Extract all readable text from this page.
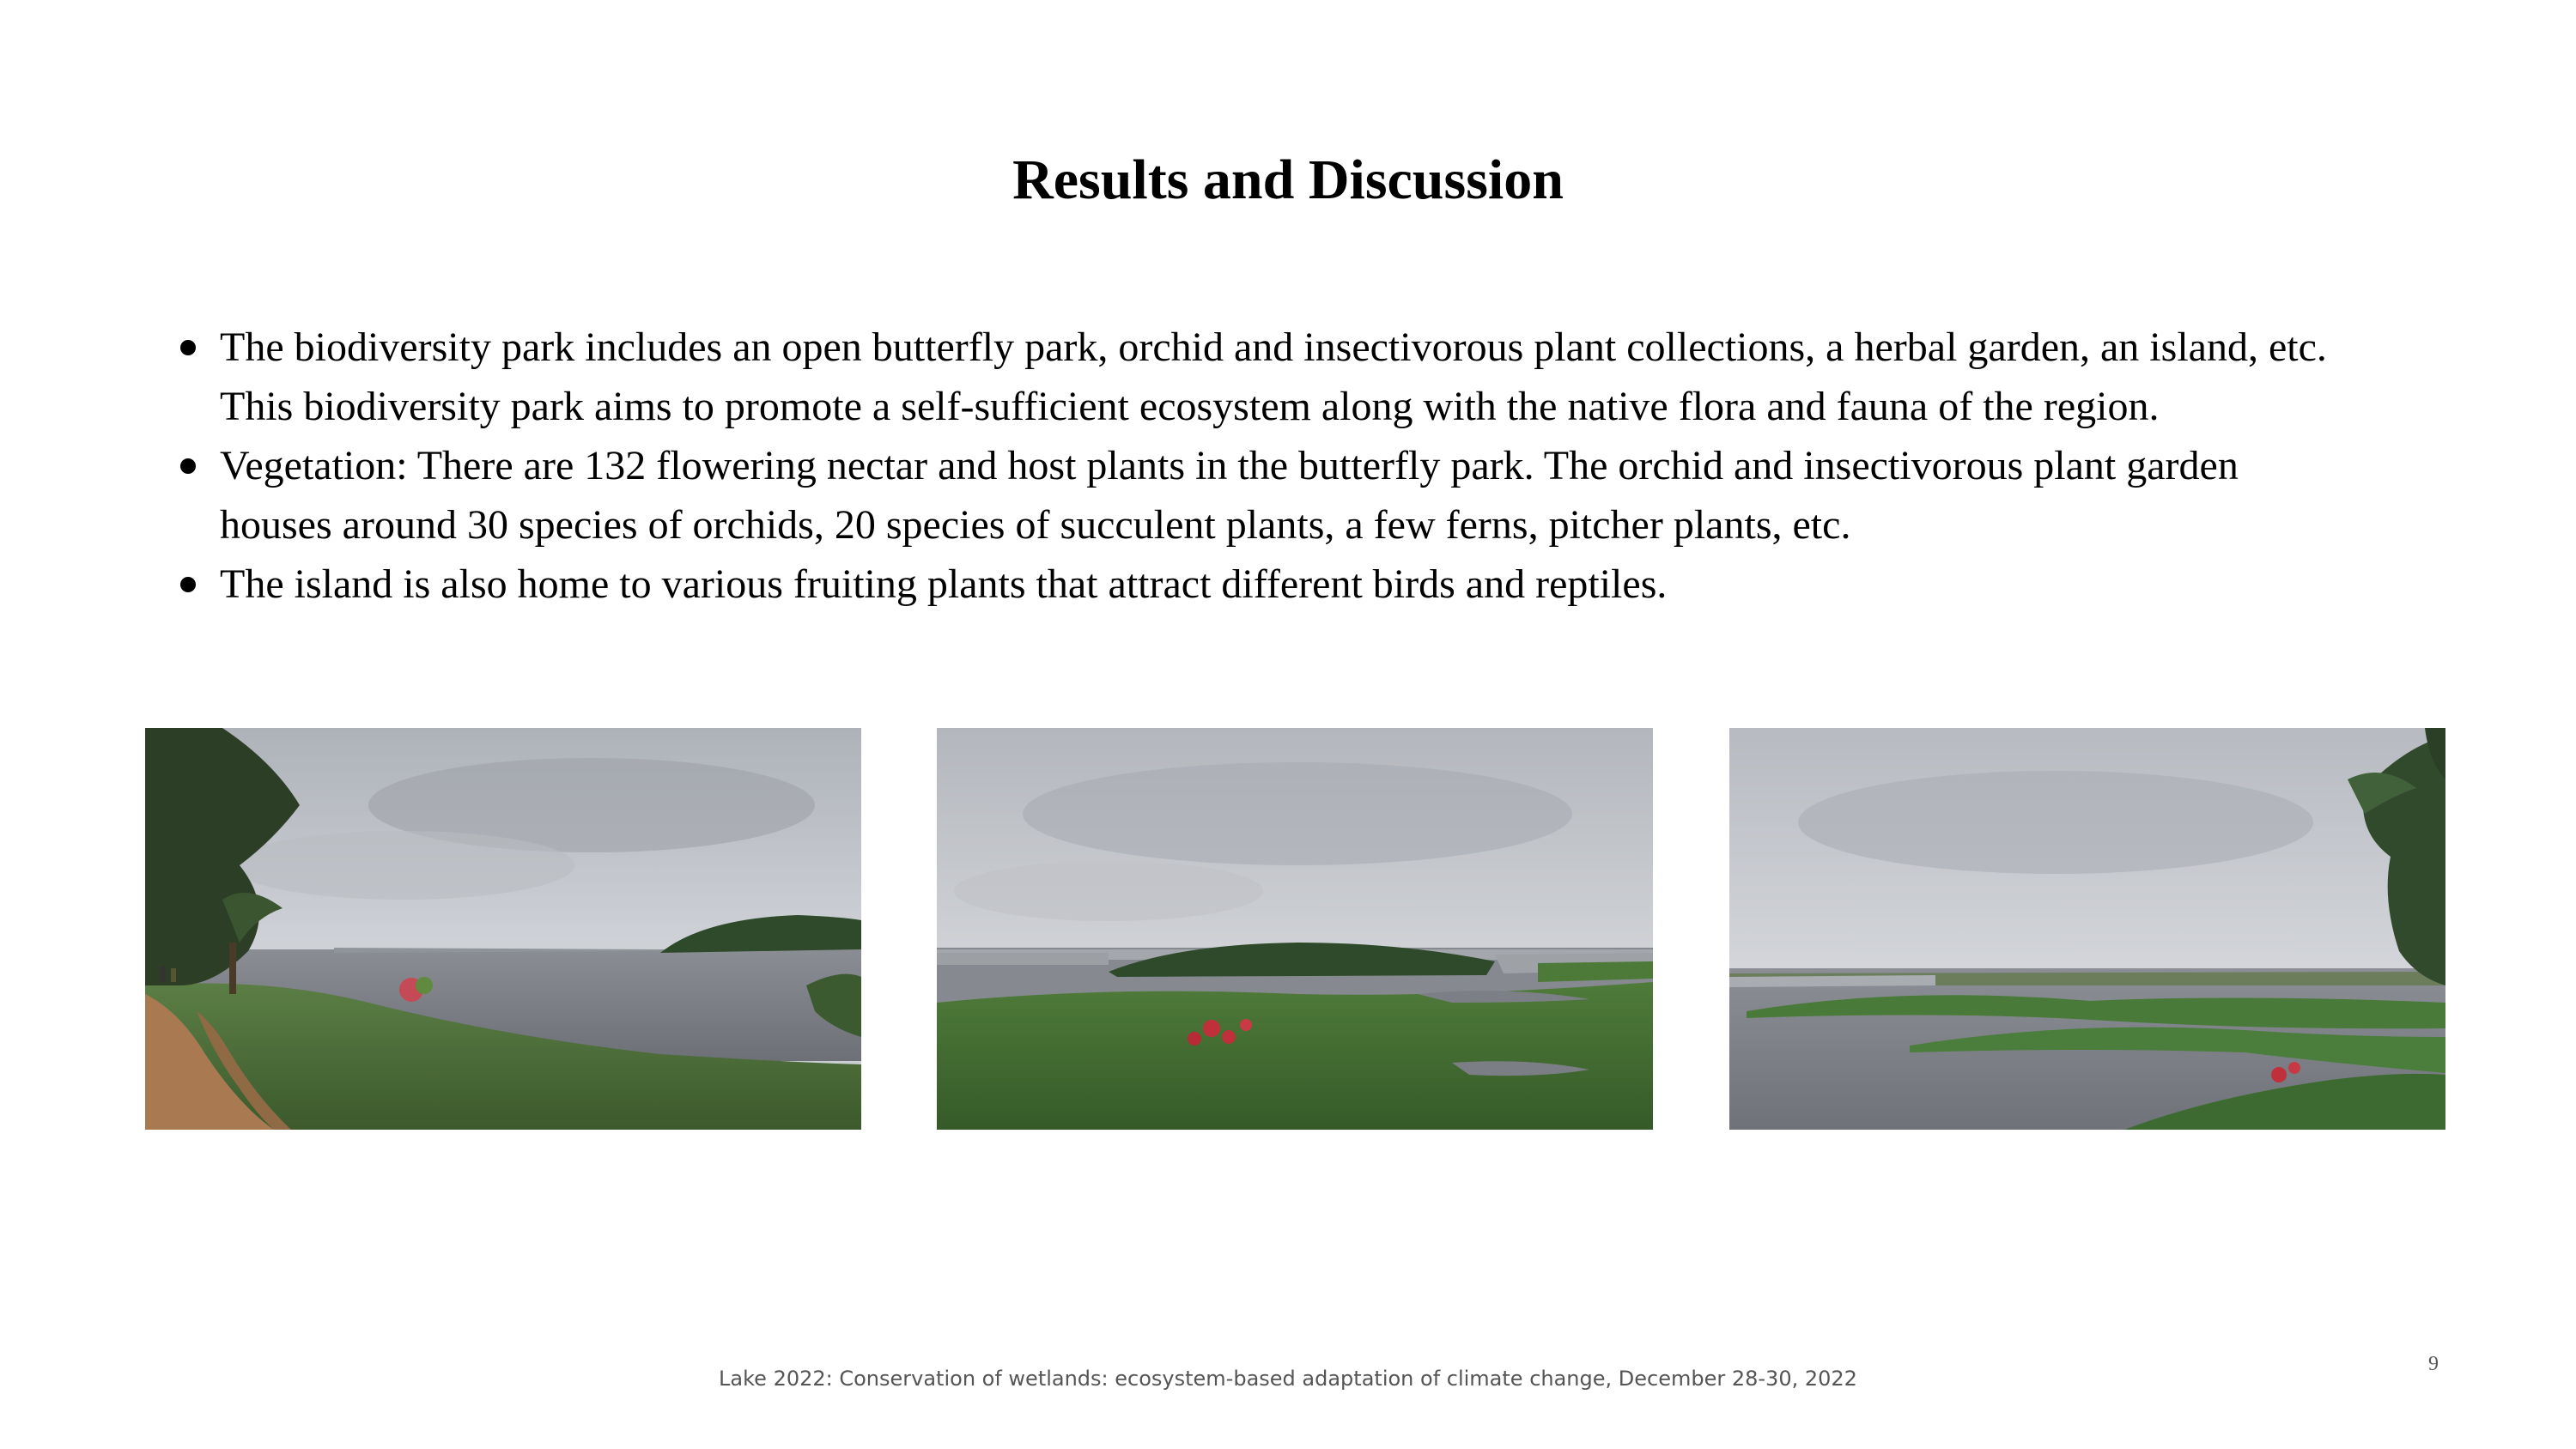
Results and Discussion
The biodiversity park includes an open butterfly park, orchid and insectivorous plant collections, a herbal garden, an island, etc.
This biodiversity park aims to promote a self-sufficient ecosystem along with the native flora and fauna of the region.
Vegetation: There are 132 flowering nectar and host plants in the butterfly park. The orchid and insectivorous plant garden
houses around 30 species of orchids, 20 species of succulent plants, a few ferns, pitcher plants, etc.
The island is also home to various fruiting plants that attract different birds and reptiles.
9
Lake 2022: Conservation of wetlands: ecosystem-based adaptation of climate change, December 28-30, 2022
